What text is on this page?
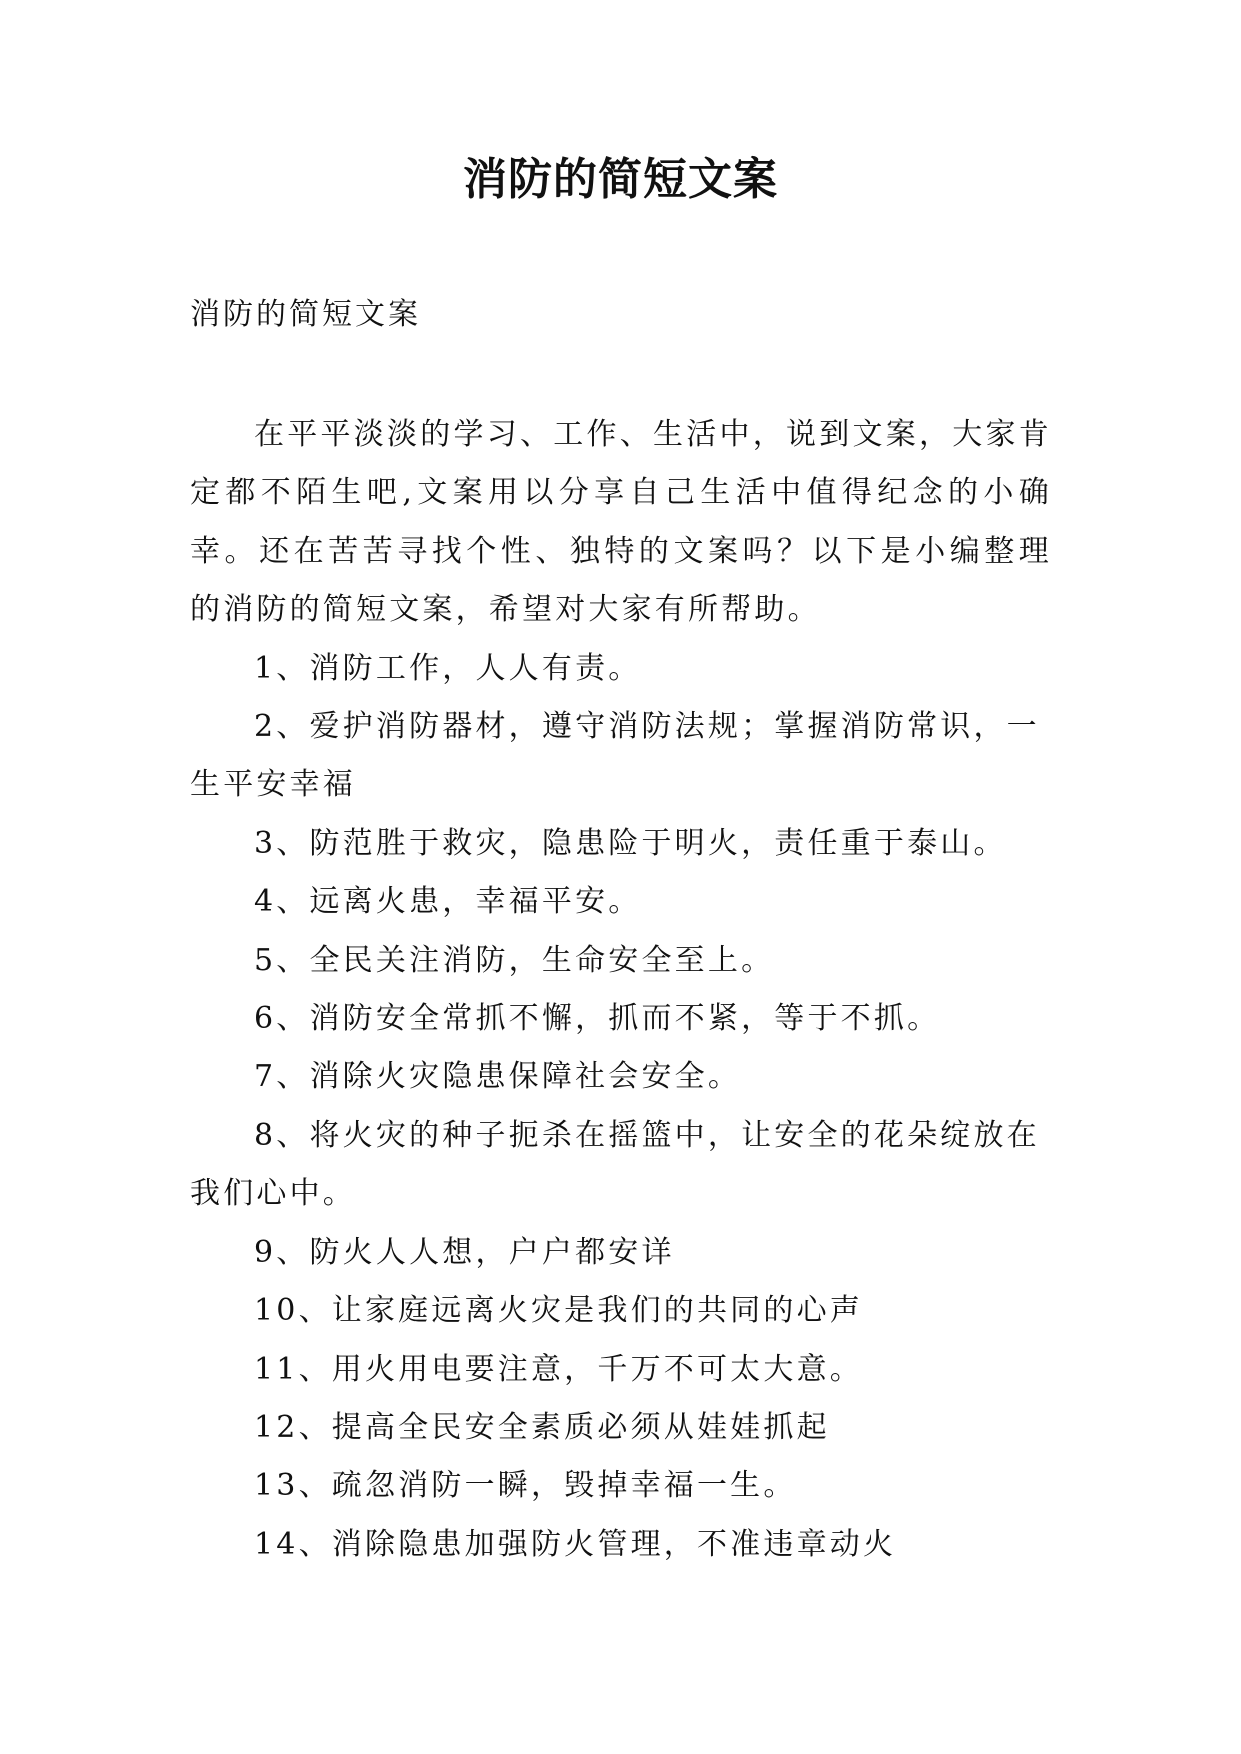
消防的简短文案

消防的简短文案

在平平淡淡的学习、工作、生活中，说到文案，大家肯定都不陌生吧,文案用以分享自己生活中值得纪念的小确幸。还在苦苦寻找个性、独特的文案吗？以下是小编整理的消防的简短文案，希望对大家有所帮助。

1、消防工作，人人有责。

2、爱护消防器材，遵守消防法规；掌握消防常识，一生平安幸福

3、防范胜于救灾，隐患险于明火，责任重于泰山。

4、远离火患，幸福平安。

5、全民关注消防，生命安全至上。

6、消防安全常抓不懈，抓而不紧，等于不抓。

7、消除火灾隐患保障社会安全。

8、将火灾的种子扼杀在摇篮中，让安全的花朵绽放在我们心中。

9、防火人人想，户户都安详

10、让家庭远离火灾是我们的共同的心声

11、用火用电要注意，千万不可太大意。

12、提高全民安全素质必须从娃娃抓起

13、疏忽消防一瞬，毁掉幸福一生。

14、消除隐患加强防火管理，不准违章动火
